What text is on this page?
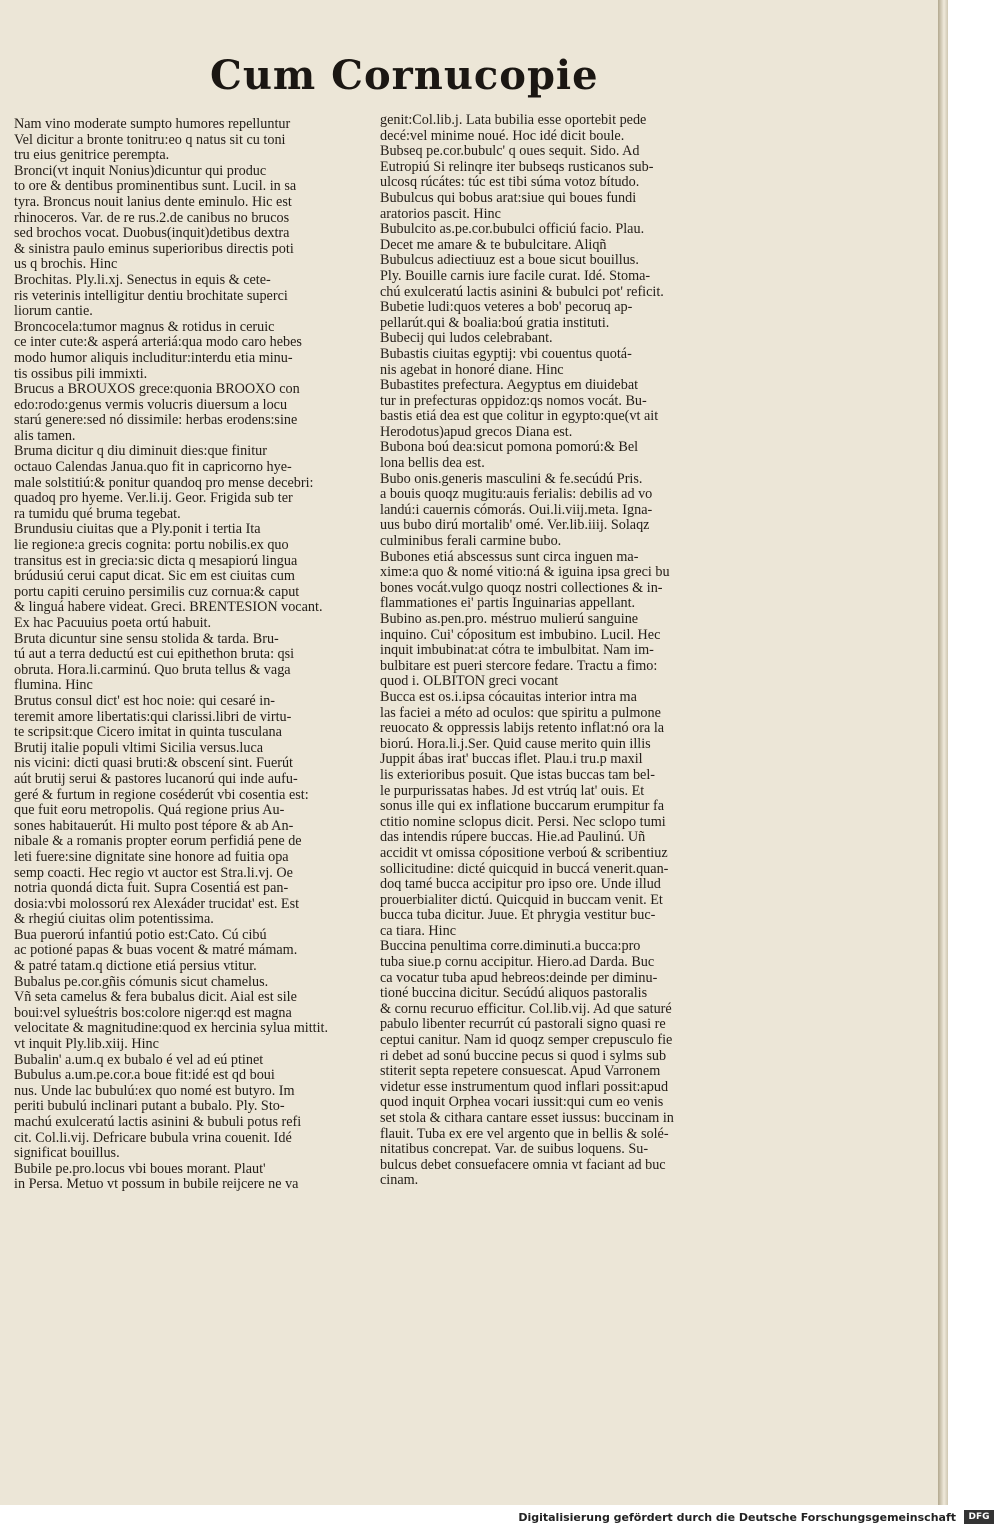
Cum Cornucopie
Nam vino moderate sumpto humores repelluntur
Vel dicitur a bronte tonitru:eo q natus sit cu toni
tru eius genitrice perempta.
Bronci(vt inquit Nonius)dicuntur qui produc
to ore & dentibus prominentibus sunt. Lucil. in sa
tyra. Broncus nouit lanius dente eminulo. Hic est
rhinoceros. Var. de re rus.2.de canibus no brucos
sed brochos vocat. Duobus(inquit)detibus dextra
& sinistra paulo eminus superioribus directis poti
us q brochis. Hinc
Brochitas. Ply.li.xj. Senectus in equis & cete-
ris veterinis intelligitur dentiu brochitate superci
liorum cantie.
Broncocela:tumor magnus & rotidus in ceruic
ce inter cute:& asperá arteriá:qua modo caro hebes
modo humor aliquis includitur:interdu etia minu-
tis ossibus pili immixti.
Brucus a BROUXOS grece:quonia BROOXO con
edo:rodo:genus vermis volucris diuersum a locu
starú genere:sed nó dissimile: herbas erodens:sine
alis tamen.
Bruma dicitur q diu diminuit dies:que finitur
octauo Calendas Janua.quo fit in capricorno hye-
male solstitiú:& ponitur quandoq pro mense decebri:
quadoq pro hyeme. Ver.li.ij. Geor. Frigida sub ter
ra tumidu qué bruma tegebat.
Brundusiu ciuitas que a Ply.ponit i tertia Ita
lie regione:a grecis cognita: portu nobilis.ex quo
transitus est in grecia:sic dicta q mesapiorú lingua
brúdusiú cerui caput dicat. Sic em est ciuitas cum
portu capiti ceruino persimilis cuz cornua:& caput
& linguá habere videat. Greci. BRENTESION vocant.
Ex hac Pacuuius poeta ortú habuit.
Bruta dicuntur sine sensu stolida & tarda. Bru-
tú aut a terra deductú est cui epithethon bruta: qsi
obruta. Hora.li.carminú. Quo bruta tellus & vaga
flumina. Hinc
Brutus consul dict' est hoc noie: qui cesaré in-
teremit amore libertatis:qui clarissi.libri de virtu-
te scripsit:que Cicero imitat in quinta tusculana
Brutij italie populi vltimi Sicilia versus.luca
nis vicini: dicti quasi bruti:& obscení sint. Fuerút
aút brutij serui & pastores lucanorú qui inde aufu-
geré & furtum in regione coséderút vbi cosentia est:
que fuit eoru metropolis. Quá regione prius Au-
sones habitauerút. Hi multo post tépore & ab An-
nibale & a romanis propter eorum perfidiá pene de
leti fuere:sine dignitate sine honore ad fuitia opa
semp coacti. Hec regio vt auctor est Stra.li.vj. Oe
notria quondá dicta fuit. Supra Cosentiá est pan-
dosia:vbi molossorú rex Alexáder trucidat' est. Est
& rhegiú ciuitas olim potentissima.
Bua puerorú infantiú potio est:Cato. Cú cibú
ac potioné papas & buas vocent & matré mámam.
& patré tatam.q dictione etiá persius vtitur.
Bubalus pe.cor.gñis cómunis sicut chamelus.
Vñ seta camelus & fera bubalus dicit. Aial est sile
boui:vel sylueśtris bos:colore niger:qd est magna
velocitate & magnitudine:quod ex hercinia sylua mittit.
vt inquit Ply.lib.xiij. Hinc
Bubalin' a.um.q ex bubalo é vel ad eú ptinet
Bubulus a.um.pe.cor.a boue fit:idé est qd boui
nus. Unde lac bubulú:ex quo nomé est butyro. Im
periti bubulú inclinari putant a bubalo. Ply. Sto-
machú exulceratú lactis asinini & bubuli potus refi
cit. Col.li.vij. Defricare bubula vrina couenit. Idé
significat bouillus.
Bubile pe.pro.locus vbi boues morant. Plaut'
in Persa. Metuo vt possum in bubile reijcere ne va
genit:Col.lib.j. Lata bubilia esse oportebit pede
decé:vel minime noué. Hoc idé dicit boule.
Bubseq pe.cor.bubulc' q oues sequit. Sido. Ad
Eutropiú Si relinqre iter bubseqs rusticanos sub-
ulcosq rúcátes: túc est tibi súma votoz bítudo.
Bubulcus qui bobus arat:siue qui boues fundi
aratorios pascit. Hinc
Bubulcito as.pe.cor.bubulci officiú facio. Plau.
Decet me amare & te bubulcitare. Aliqñ
Bubulcus adiectiuuz est a boue sicut bouillus.
Ply. Bouille carnis iure facile curat. Idé. Stoma-
chú exulceratú lactis asinini & bubulci pot' reficit.
Bubetie ludi:quos veteres a bob' pecoruq ap-
pellarút.qui & boalia:boú gratia instituti.
Bubecij qui ludos celebrabant.
Bubastis ciuitas egyptij: vbi couentus quotá-
nis agebat in honoré diane. Hinc
Bubastites prefectura. Aegyptus em diuidebat
tur in prefecturas oppidoz:qs nomos vocát. Bu-
bastis etiá dea est que colitur in egypto:que(vt ait
Herodotus)apud grecos Diana est.
Bubona boú dea:sicut pomona pomorú:& Bel
lona bellis dea est.
Bubo onis.generis masculini & fe.secúdú Pris.
a bouis quoqz mugitu:auis ferialis: debilis ad vo
landú:i cauernis cómorás. Oui.li.viij.meta. Igna-
uus bubo dirú mortalib' omé. Ver.lib.iiij. Solaqz
culminibus ferali carmine bubo.
Bubones etiá abscessus sunt circa inguen ma-
xime:a quo & nomé vitio:ná & iguina ipsa greci bu
bones vocát.vulgo quoqz nostri collectiones & in-
flammationes ei' partis Inguinarias appellant.
Bubino as.pen.pro. méstruo mulierú sanguine
inquino. Cui' cópositum est imbubino. Lucil. Hec
inquit imbubinat:at cótra te imbulbitat. Nam im-
bulbitare est pueri stercore fedare. Tractu a fimo:
quod i. OLBITON greci vocant
Bucca est os.i.ipsa cócauitas interior intra ma
las faciei a méto ad oculos: que spiritu a pulmone
reuocato & oppressis labijs retento inflat:nó ora la
biorú. Hora.li.j.Ser. Quid cause merito quin illis
Juppit ábas irat' buccas iflet. Plau.i tru.p maxil
lis exterioribus posuit. Que istas buccas tam bel-
le purpurissatas habes. Jd est vtrúq lat' ouis. Et
sonus ille qui ex inflatione buccarum erumpitur fa
ctitio nomine sclopus dicit. Persi. Nec sclopo tumi
das intendis rúpere buccas. Hie.ad Paulinú. Uñ
accidit vt omissa cópositione verboú & scribentiuz
sollicitudine: dicté quicquid in buccá venerit.quan-
doq tamé bucca accipitur pro ipso ore. Unde illud
prouerbialiter dictú. Quicquid in buccam venit. Et
bucca tuba dicitur. Juue. Et phrygia vestitur buc-
ca tiara. Hinc
Buccina penultima corre.diminuti.a bucca:pro
tuba siue.p cornu accipitur. Hiero.ad Darda. Buc
ca vocatur tuba apud hebreos:deinde per diminu-
tioné buccina dicitur. Secúdú aliquos pastoralis
& cornu recuruo efficitur. Col.lib.vij. Ad que saturé
pabulo libenter recurrút cú pastorali signo quasi re
ceptui canitur. Nam id quoqz semper crepusculo fie
ri debet ad sonú buccine pecus si quod i sylms sub
stiterit septa repetere consuescat. Apud Varronem
videtur esse instrumentum quod inflari possit:apud
quod inquit Orphea vocari iussit:qui cum eo venis
set stola & cithara cantare esset iussus: buccinam in
flauit. Tuba ex ere vel argento que in bellis & solé-
nitatibus concrepat. Var. de suibus loquens. Su-
bulcus debet consuefacere omnia vt faciant ad buc
cinam.
Digitalisierung gefördert durch die Deutsche Forschungsgemeinschaft	DFG
